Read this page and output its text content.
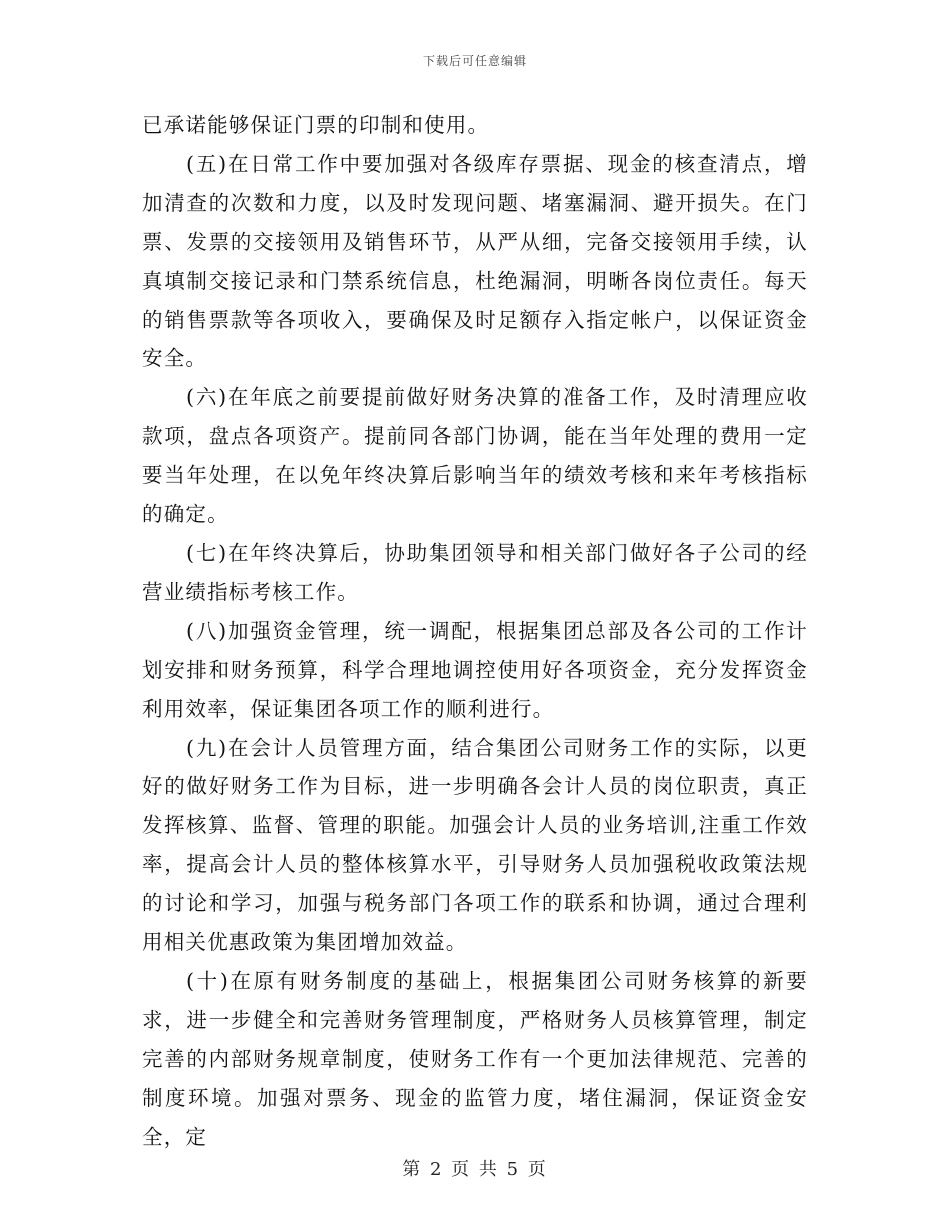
下载后可任意编辑

已承诺能够保证门票的印制和使用。

(五)在日常工作中要加强对各级库存票据、现金的核查清点，增加清查的次数和力度，以及时发现问题、堵塞漏洞、避开损失。在门票、发票的交接领用及销售环节，从严从细，完备交接领用手续，认真填制交接记录和门禁系统信息，杜绝漏洞，明晰各岗位责任。每天的销售票款等各项收入，要确保及时足额存入指定帐户，以保证资金安全。

(六)在年底之前要提前做好财务决算的准备工作，及时清理应收款项，盘点各项资产。提前同各部门协调，能在当年处理的费用一定要当年处理，在以免年终决算后影响当年的绩效考核和来年考核指标的确定。

(七)在年终决算后，协助集团领导和相关部门做好各子公司的经营业绩指标考核工作。

(八)加强资金管理，统一调配，根据集团总部及各公司的工作计划安排和财务预算，科学合理地调控使用好各项资金，充分发挥资金利用效率，保证集团各项工作的顺利进行。

(九)在会计人员管理方面，结合集团公司财务工作的实际，以更好的做好财务工作为目标，进一步明确各会计人员的岗位职责，真正发挥核算、监督、管理的职能。加强会计人员的业务培训,注重工作效率，提高会计人员的整体核算水平，引导财务人员加强税收政策法规的讨论和学习，加强与税务部门各项工作的联系和协调，通过合理利用相关优惠政策为集团增加效益。

(十)在原有财务制度的基础上，根据集团公司财务核算的新要求，进一步健全和完善财务管理制度，严格财务人员核算管理，制定完善的内部财务规章制度，使财务工作有一个更加法律规范、完善的制度环境。加强对票务、现金的监管力度，堵住漏洞，保证资金安全，定

第 2 页 共 5 页
